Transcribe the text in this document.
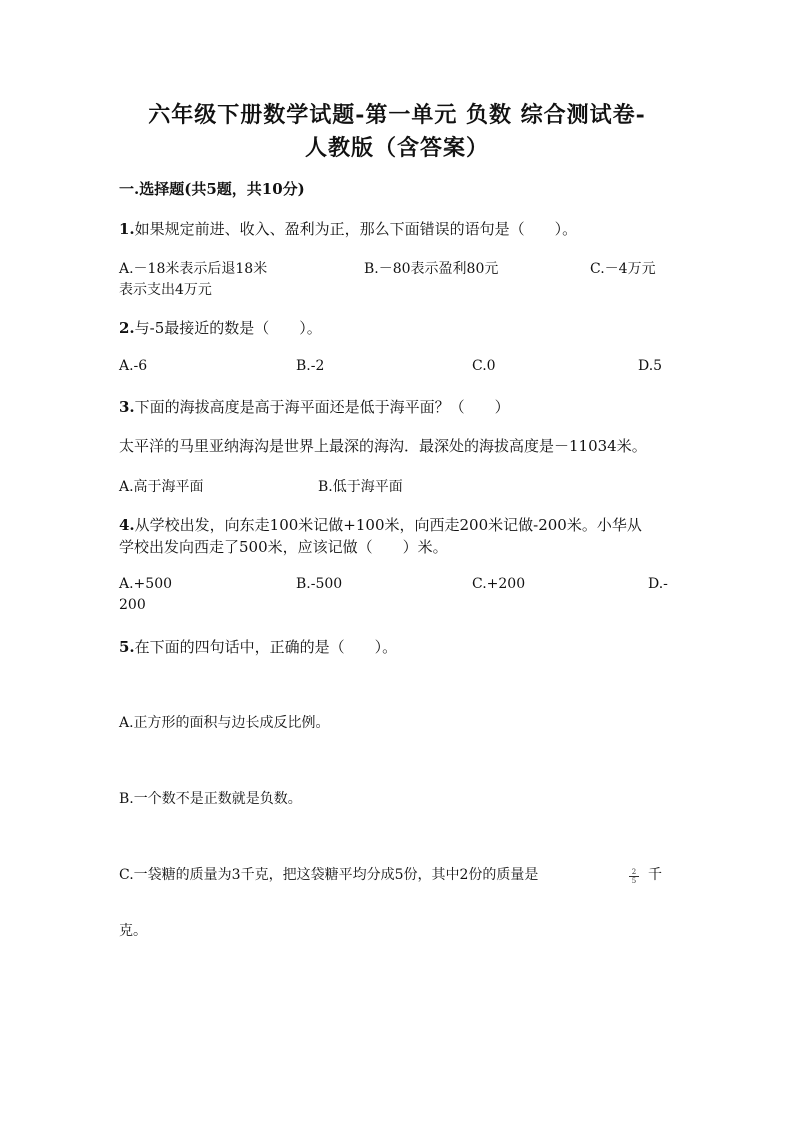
六年级下册数学试题-第一单元 负数 综合测试卷-
人教版（含答案）
一.选择题(共5题，共10分)
1.如果规定前进、收入、盈利为正，那么下面错误的语句是（　　）。
A.－18米表示后退18米	B.－80表示盈利80元	C.－4万元
表示支出4万元
2.与-5最接近的数是（　　）。
A.-6	B.-2	C.0	D.5
3.下面的海拔高度是高于海平面还是低于海平面？（　　）
太平洋的马里亚纳海沟是世界上最深的海沟．最深处的海拔高度是－11034米。
A.高于海平面	B.低于海平面
4.从学校出发，向东走100米记做+100米，向西走200米记做-200米。小华从
学校出发向西走了500米，应该记做（　　）米。
A.+500	B.-500	C.+200	D.-
200
5.在下面的四句话中，正确的是（　　）。
A.正方形的面积与边长成反比例。
B.一个数不是正数就是负数。
C.一袋糖的质量为3千克，把这袋糖平均分成5份，其中2份的质量是	2
5 千
克。
